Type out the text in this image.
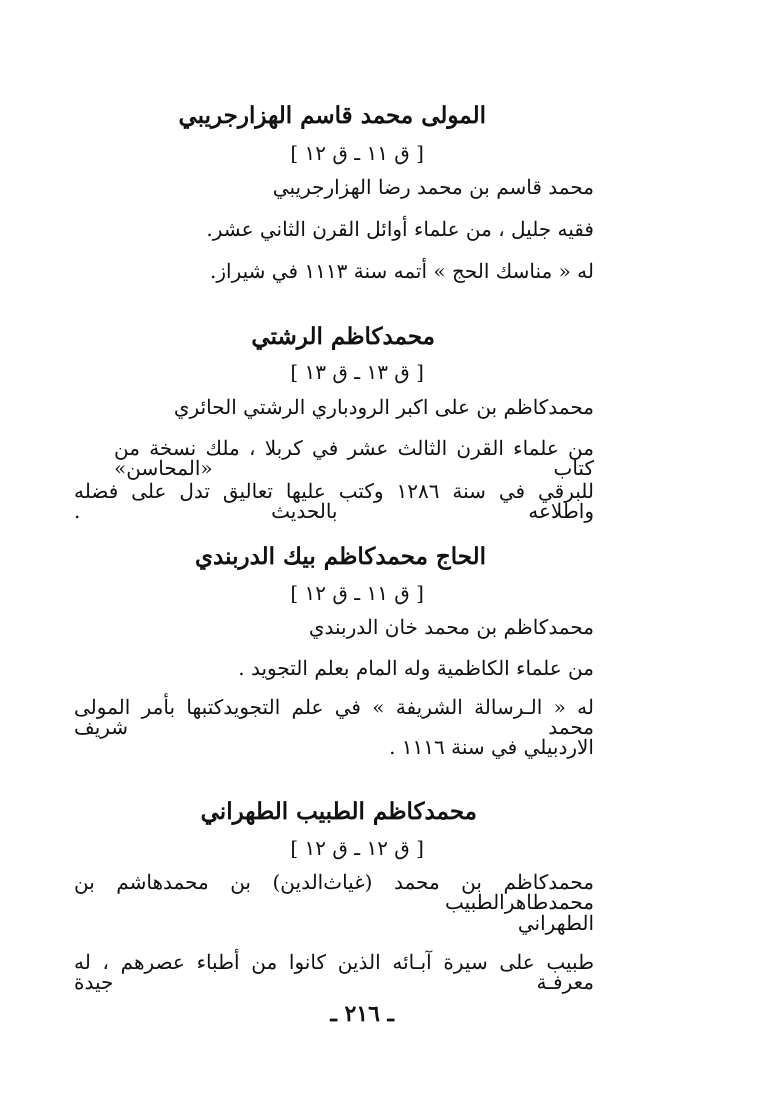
المولى محمد قاسم الهزارجريبي
[ ق ١١ ـ ق ١٢ ]
محمد قاسم بن محمد رضا الهزارجريبي
فقيه جليل ، من علماء أوائل القرن الثاني عشر.
له « مناسك الحج » أتمه سنة ١١١٣ في شيراز.
محمدكاظم الرشتي
[ ق ١٣ ـ ق ١٣ ]
محمدكاظم بن على اكبر الرودباري الرشتي الحائري
من علماء القرن الثالث عشر في كربلا ، ملك نسخة من كتاب «المحاسن»
للبرقي في سنة ١٢٨٦ وكتب عليها تعاليق تدل على فضله واطلاعه بالحديث .
الحاج محمدكاظم بيك الدربندي
[ ق ١١ ـ ق ١٢ ]
محمدكاظم بن محمد خان الدربندي
من علماء الكاظمية وله المام بعلم التجويد .
له « الـرسالة الشريفة » في علم التجويدكتبها بأمر المولى محمد شريف
الاردبيلي في سنة ١١١٦ .
محمدكاظم الطبيب الطهراني
[ ق ١٢ ـ ق ١٢ ]
محمدكاظم بن محمد (غياث‌الدين) بن محمدهاشم بن محمدطاهرالطبيب
الطهراني
طبيب على سيرة آبـائه الذين كانوا من أطباء عصرهم ، له معرفـة جيدة
ـ ٢١٦ ـ
